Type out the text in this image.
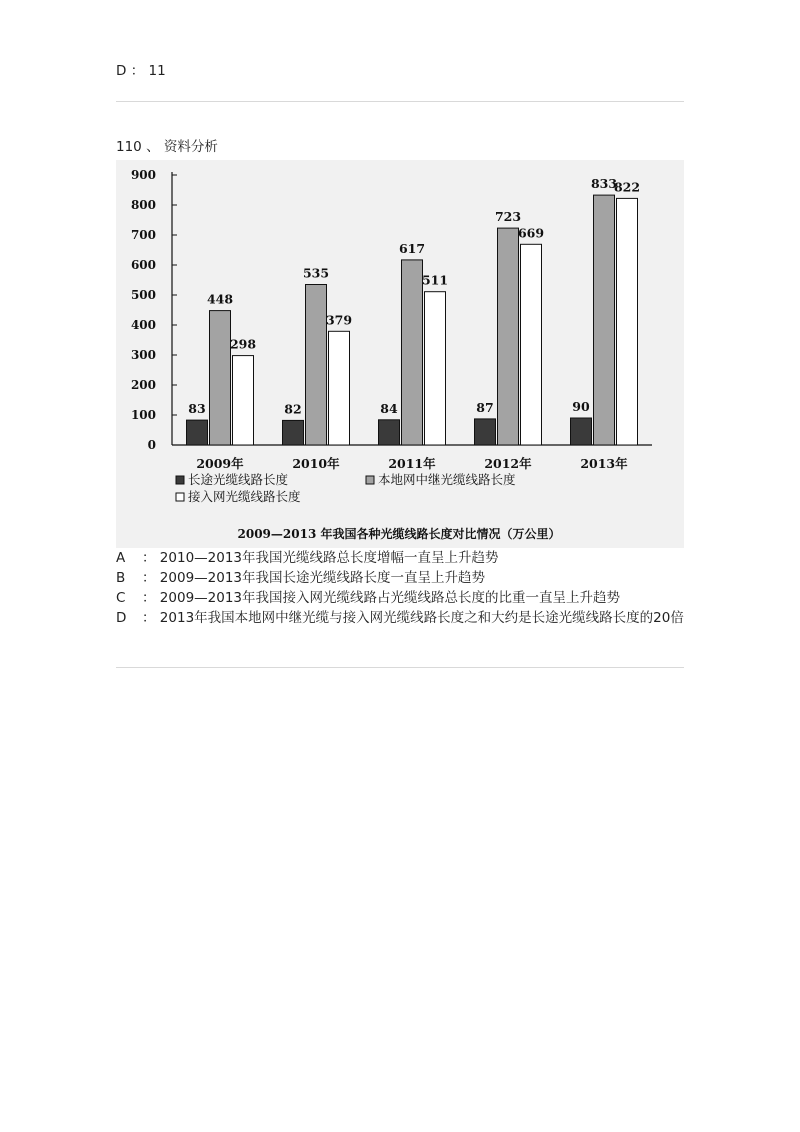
D ： 11
110 、 资料分析
0
100
200
300
400
500
600
700
800
900
83
448
298
2009年
82
535
379
2010年
84
617
511
2011年
87
723
669
2012年
90
833
822
2013年
长途光缆线路长度	本地网中继光缆线路长度
接入网光缆线路长度
2009—2013 年我国各种光缆线路长度对比情况（万公里）
A ： 2010—2013年我国光缆线路总长度增幅一直呈上升趋势
B ： 2009—2013年我国长途光缆线路长度一直呈上升趋势
C ： 2009—2013年我国接入网光缆线路占光缆线路总长度的比重一直呈上升趋势
D ： 2013年我国本地网中继光缆与接入网光缆线路长度之和大约是长途光缆线路长度的20倍
